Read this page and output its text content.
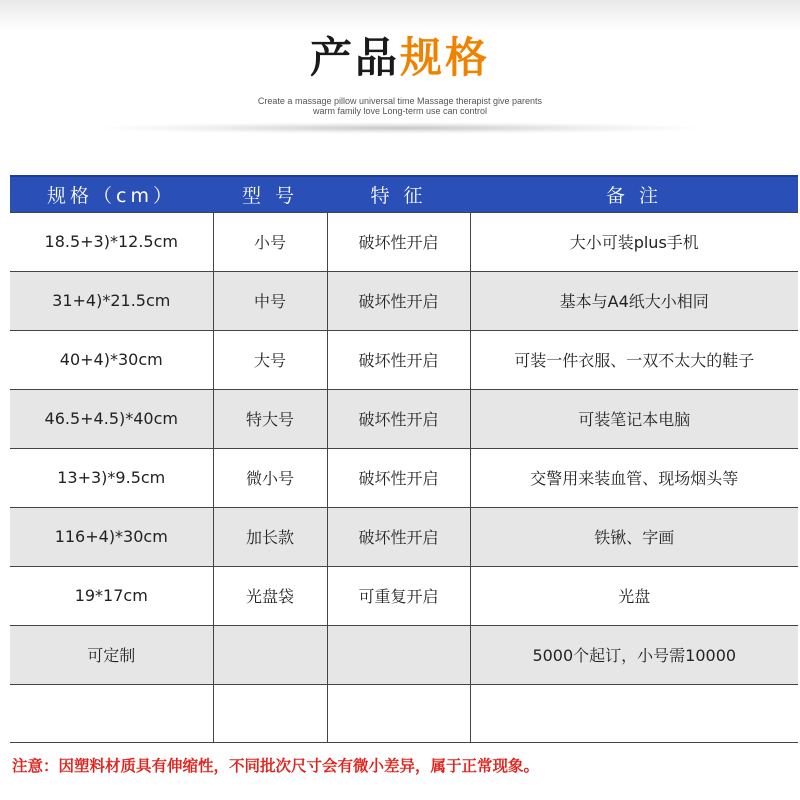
产品规格
Create a massage pillow universal time Massage therapist give parents
warm family love Long-term use can control
规格（cm）	型 号	特 征	备 注
18.5+3)*12.5cm	小号	破坏性开启	大小可装plus手机
31+4)*21.5cm	中号	破坏性开启	基本与A4纸大小相同
40+4)*30cm	大号	破坏性开启	可装一件衣服、一双不太大的鞋子
46.5+4.5)*40cm	特大号	破坏性开启	可装笔记本电脑
13+3)*9.5cm	微小号	破坏性开启	交警用来装血管、现场烟头等
116+4)*30cm	加长款	破坏性开启	铁锹、字画
19*17cm	光盘袋	可重复开启	光盘
可定制			5000个起订，小号需10000

注意：因塑料材质具有伸缩性，不同批次尺寸会有微小差异，属于正常现象。
